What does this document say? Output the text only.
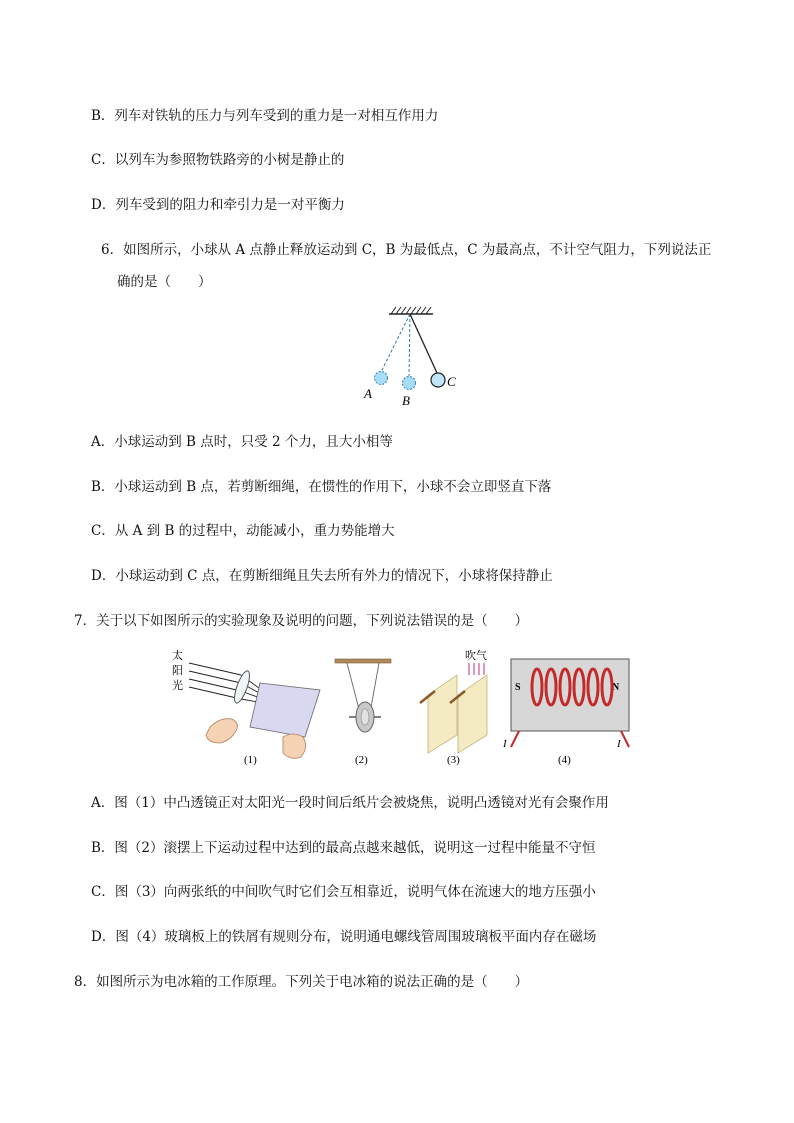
B．列车对铁轨的压力与列车受到的重力是一对相互作用力
C．以列车为参照物铁路旁的小树是静止的
D．列车受到的阻力和牵引力是一对平衡力
6．如图所示，小球从 A 点静止释放运动到 C，B 为最低点，C 为最高点，不计空气阻力，下列说法正
确的是（　　）
A B
C
A．小球运动到 B 点时，只受 2 个力，且大小相等
B．小球运动到 B 点，若剪断细绳，在惯性的作用下，小球不会立即竖直下落
C．从 A 到 B 的过程中，动能减小，重力势能增大
D．小球运动到 C 点，在剪断细绳且失去所有外力的情况下，小球将保持静止
7．关于以下如图所示的实验现象及说明的问题，下列说法错误的是（　　）
太
阳
光
(1)	(2)
吹气
(3)
S	N
I	I
(4)
A．图（1）中凸透镜正对太阳光一段时间后纸片会被烧焦，说明凸透镜对光有会聚作用
B．图（2）滚摆上下运动过程中达到的最高点越来越低，说明这一过程中能量不守恒
C．图（3）向两张纸的中间吹气时它们会互相靠近，说明气体在流速大的地方压强小
D．图（4）玻璃板上的铁屑有规则分布，说明通电螺线管周围玻璃板平面内存在磁场
8．如图所示为电冰箱的工作原理。下列关于电冰箱的说法正确的是（　　）
